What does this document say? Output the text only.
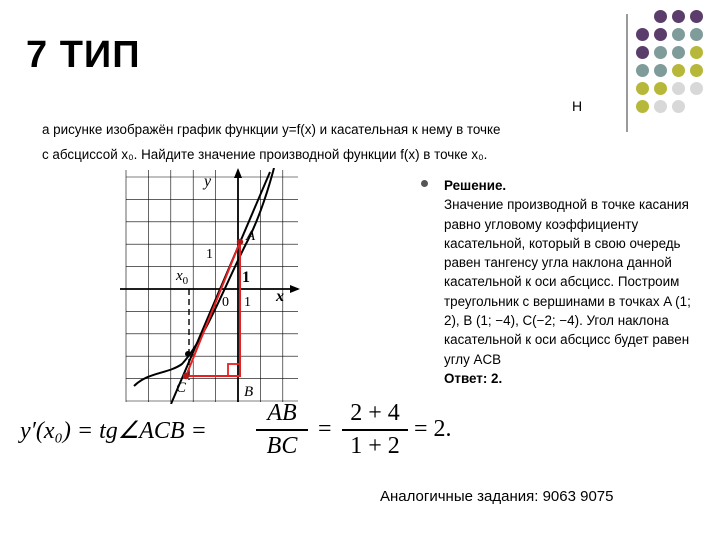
7 ТИП
Н
а рисунке изображён график функции y=f(x) и касательная к нему в точке
с абсциссой x₀. Найдите значение производной функции f(x) в точке x₀.
y
x
A
B
C
$x_0$
1
1
0 1
Решение.
Значение производной в точке касания равно угловому коэффициенту касательной, который в свою очередь равен тангенсу угла наклона данной касательной к оси абсцисс. Построим треугольник с вершинами в точках A (1; 2), B (1; −4), C(−2; −4). Угол наклона касательной к оси абсцисс будет равен углу ACB
Ответ: 2.
y′(x₀) = tg∠ACB =
AB
BC
=
2 + 4
1 + 2
= 2.
Аналогичные задания: 9063 9075
